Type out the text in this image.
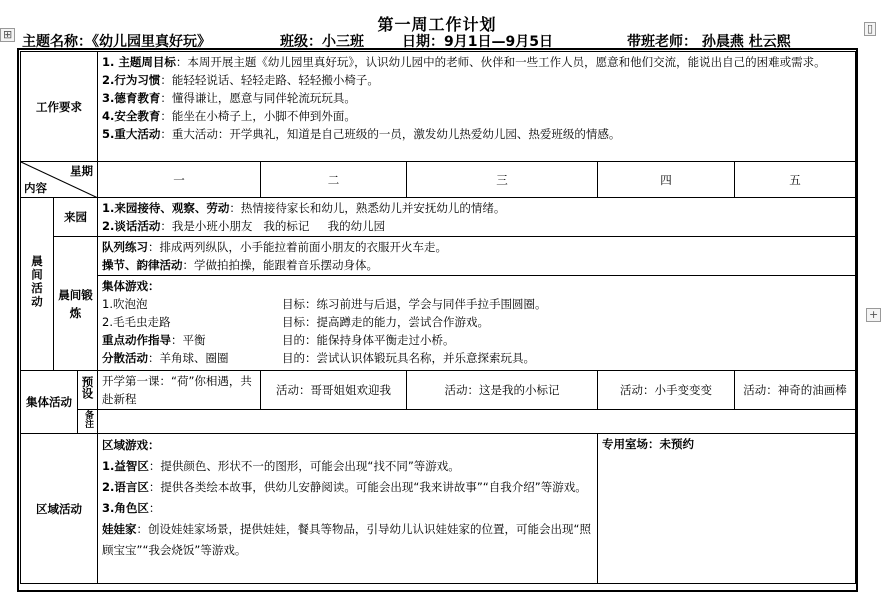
⊞	▯
+
第一周工作计划
主题名称：《幼儿园里真好玩》	班级：小三班	日期：9月1日—9月5日	带班老师： 孙晨燕 杜云熙
工作要求			1. 主题周目标：本周开展主题《幼儿园里真好玩》，认识幼儿园中的老师、伙伴和一些工作人员，愿意和他们交流，能说出自己的困难或需求。
2.行为习惯：能轻轻说话、轻轻走路、轻轻搬小椅子。
3.德育教育：懂得谦让，愿意与同伴轮流玩玩具。
4.安全教育：能坐在小椅子上，小脚不伸到外面。
5.重大活动：重大活动：开学典礼，知道是自己班级的一员，激发幼儿热爱幼儿园、热爱班级的情感。				

星期
内容			一	二	三	四	五
晨间活动	来园		1.来园接待、观察、劳动：热情接待家长和幼儿，熟悉幼儿并安抚幼儿的情绪。
2.谈话活动：我是小班小朋友   我的标记     我的幼儿园				

	晨间锻炼		队列练习：排成两列纵队，小手能拉着前面小朋友的衣服开火车走。
操节、韵律活动：学做拍拍操，能跟着音乐摆动身体。				

			集体游戏：
1.吹泡泡 目标：练习前进与后退，学会与同伴手拉手围圆圈。
2.毛毛虫走路 目标：提高蹲走的能力，尝试合作游戏。
重点动作指导：平衡 目的：能保持身体平衡走过小桥。
分散活动：羊角球、圈圈 目的：尝试认识体锻玩具名称，并乐意探索玩具。				

集体活动		预设	开学第一课：“荷”你相遇，共赴新程	活动：哥哥姐姐欢迎我	活动：这是我的小标记	活动：小手变变变	活动：神奇的油画棒
		备注					
区域活动			区域游戏：
1.益智区：提供颜色、形状不一的图形，可能会出现“找不同”等游戏。
2.语言区：提供各类绘本故事，供幼儿安静阅读。可能会出现“我来讲故事”“自我介绍”等游戏。
3.角色区：
娃娃家：创设娃娃家场景，提供娃娃，餐具等物品，引导幼儿认识娃娃家的位置，可能会出现“照顾宝宝”“我会烧饭”等游戏。			专用室场：未预约	
